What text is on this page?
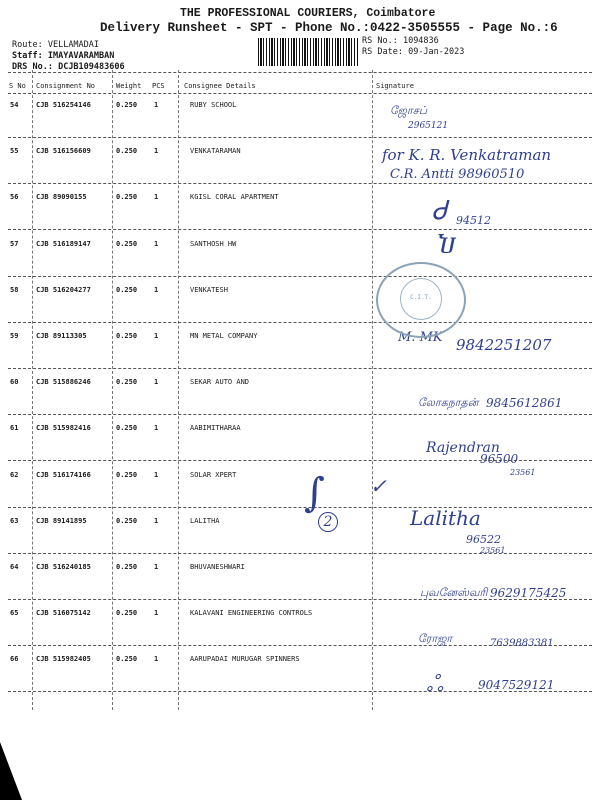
THE PROFESSIONAL COURIERS, Coimbatore
Delivery Runsheet - SPT - Phone No.:0422-3505555 - Page No.:6
Route: VELLAMADAI
Staff: IMAYAVARAMBAN
DRS No.: DCJB109483606
RS No.: 1094836
RS Date: 09-Jan-2023
S No Consignment No	Weight PCS	Consignee Details	Signature
54	CJB 516254146	0.250 1	RUBY SCHOOL
55	CJB 516156609	0.250 1	VENKATARAMAN
56	CJB 89090155	0.250 1	KGISL CORAL APARTMENT
57	CJB 516189147	0.250 1	SANTHOSH HW
58	CJB 516204277	0.250 1	VENKATESH
59	CJB 89113305	0.250 1	MN METAL COMPANY
60	CJB 515886246	0.250 1	SEKAR AUTO AND
61	CJB 515982416	0.250 1	AABIMITHARAA
62	CJB 516174166	0.250 1	SOLAR XPERT
63	CJB 89141895	0.250 1	LALITHA
64	CJB 516240185	0.250 1	BHUVANESHWARI
65	CJB 516075142	0.250 1	KALAVANI ENGINEERING CONTROLS
66	CJB 515982405	0.250 1	AARUPADAI MURUGAR SPINNERS
ஜோசப்
2965121
for K. R. Venkatraman
C.R. Antti 98960510
Ꮷ 94512
Ⴎ
M. MK 9842251207
லோகநாதன் 9845612861
Rajendran
96500
23561
∫
2
✓
Lalitha
96522
23561
புவனேஸ்வரி 9629175425
ரோஜா	7639883381
ஃ	9047529121
C.I.T.
